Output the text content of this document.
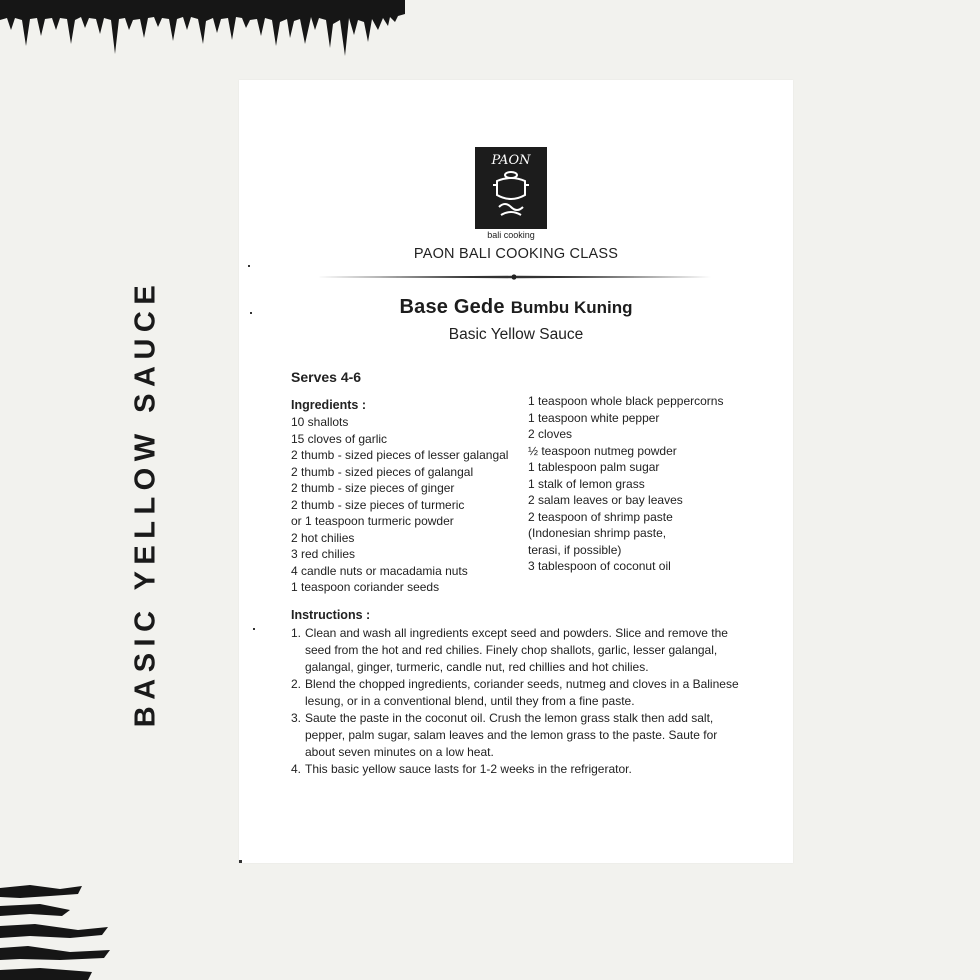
BASIC YELLOW SAUCE
PAON
bali cooking
PAON BALI COOKING CLASS
Base Gede Bumbu Kuning
Basic Yellow Sauce
Serves 4-6
Ingredients :
10 shallots
15 cloves of garlic
2 thumb - sized pieces of lesser galangal
2 thumb - sized pieces of galangal
2 thumb - size pieces of ginger
2 thumb - size pieces of turmeric
or 1 teaspoon turmeric powder
2 hot chilies
3 red chilies
4 candle nuts or macadamia nuts
1 teaspoon coriander seeds
1 teaspoon whole black peppercorns
1 teaspoon white pepper
2 cloves
½ teaspoon nutmeg powder
1 tablespoon palm sugar
1 stalk of lemon grass
2 salam leaves or bay leaves
2 teaspoon of shrimp paste
(Indonesian shrimp paste,
terasi, if possible)
3 tablespoon of coconut oil
Instructions :
1. Clean and wash all ingredients except seed and powders. Slice and remove the seed from the hot and red chilies. Finely chop shallots, garlic, lesser galangal, galangal, ginger, turmeric, candle nut, red chillies and hot chilies.
2. Blend the chopped ingredients, coriander seeds, nutmeg and cloves in a Balinese lesung, or in a conventional blend, until they from a fine paste.
3. Saute the paste in the coconut oil. Crush the lemon grass stalk then add salt, pepper, palm sugar, salam leaves and the lemon grass to the paste. Saute for about seven minutes on a low heat.
4. This basic yellow sauce lasts for 1-2 weeks in the refrigerator.
